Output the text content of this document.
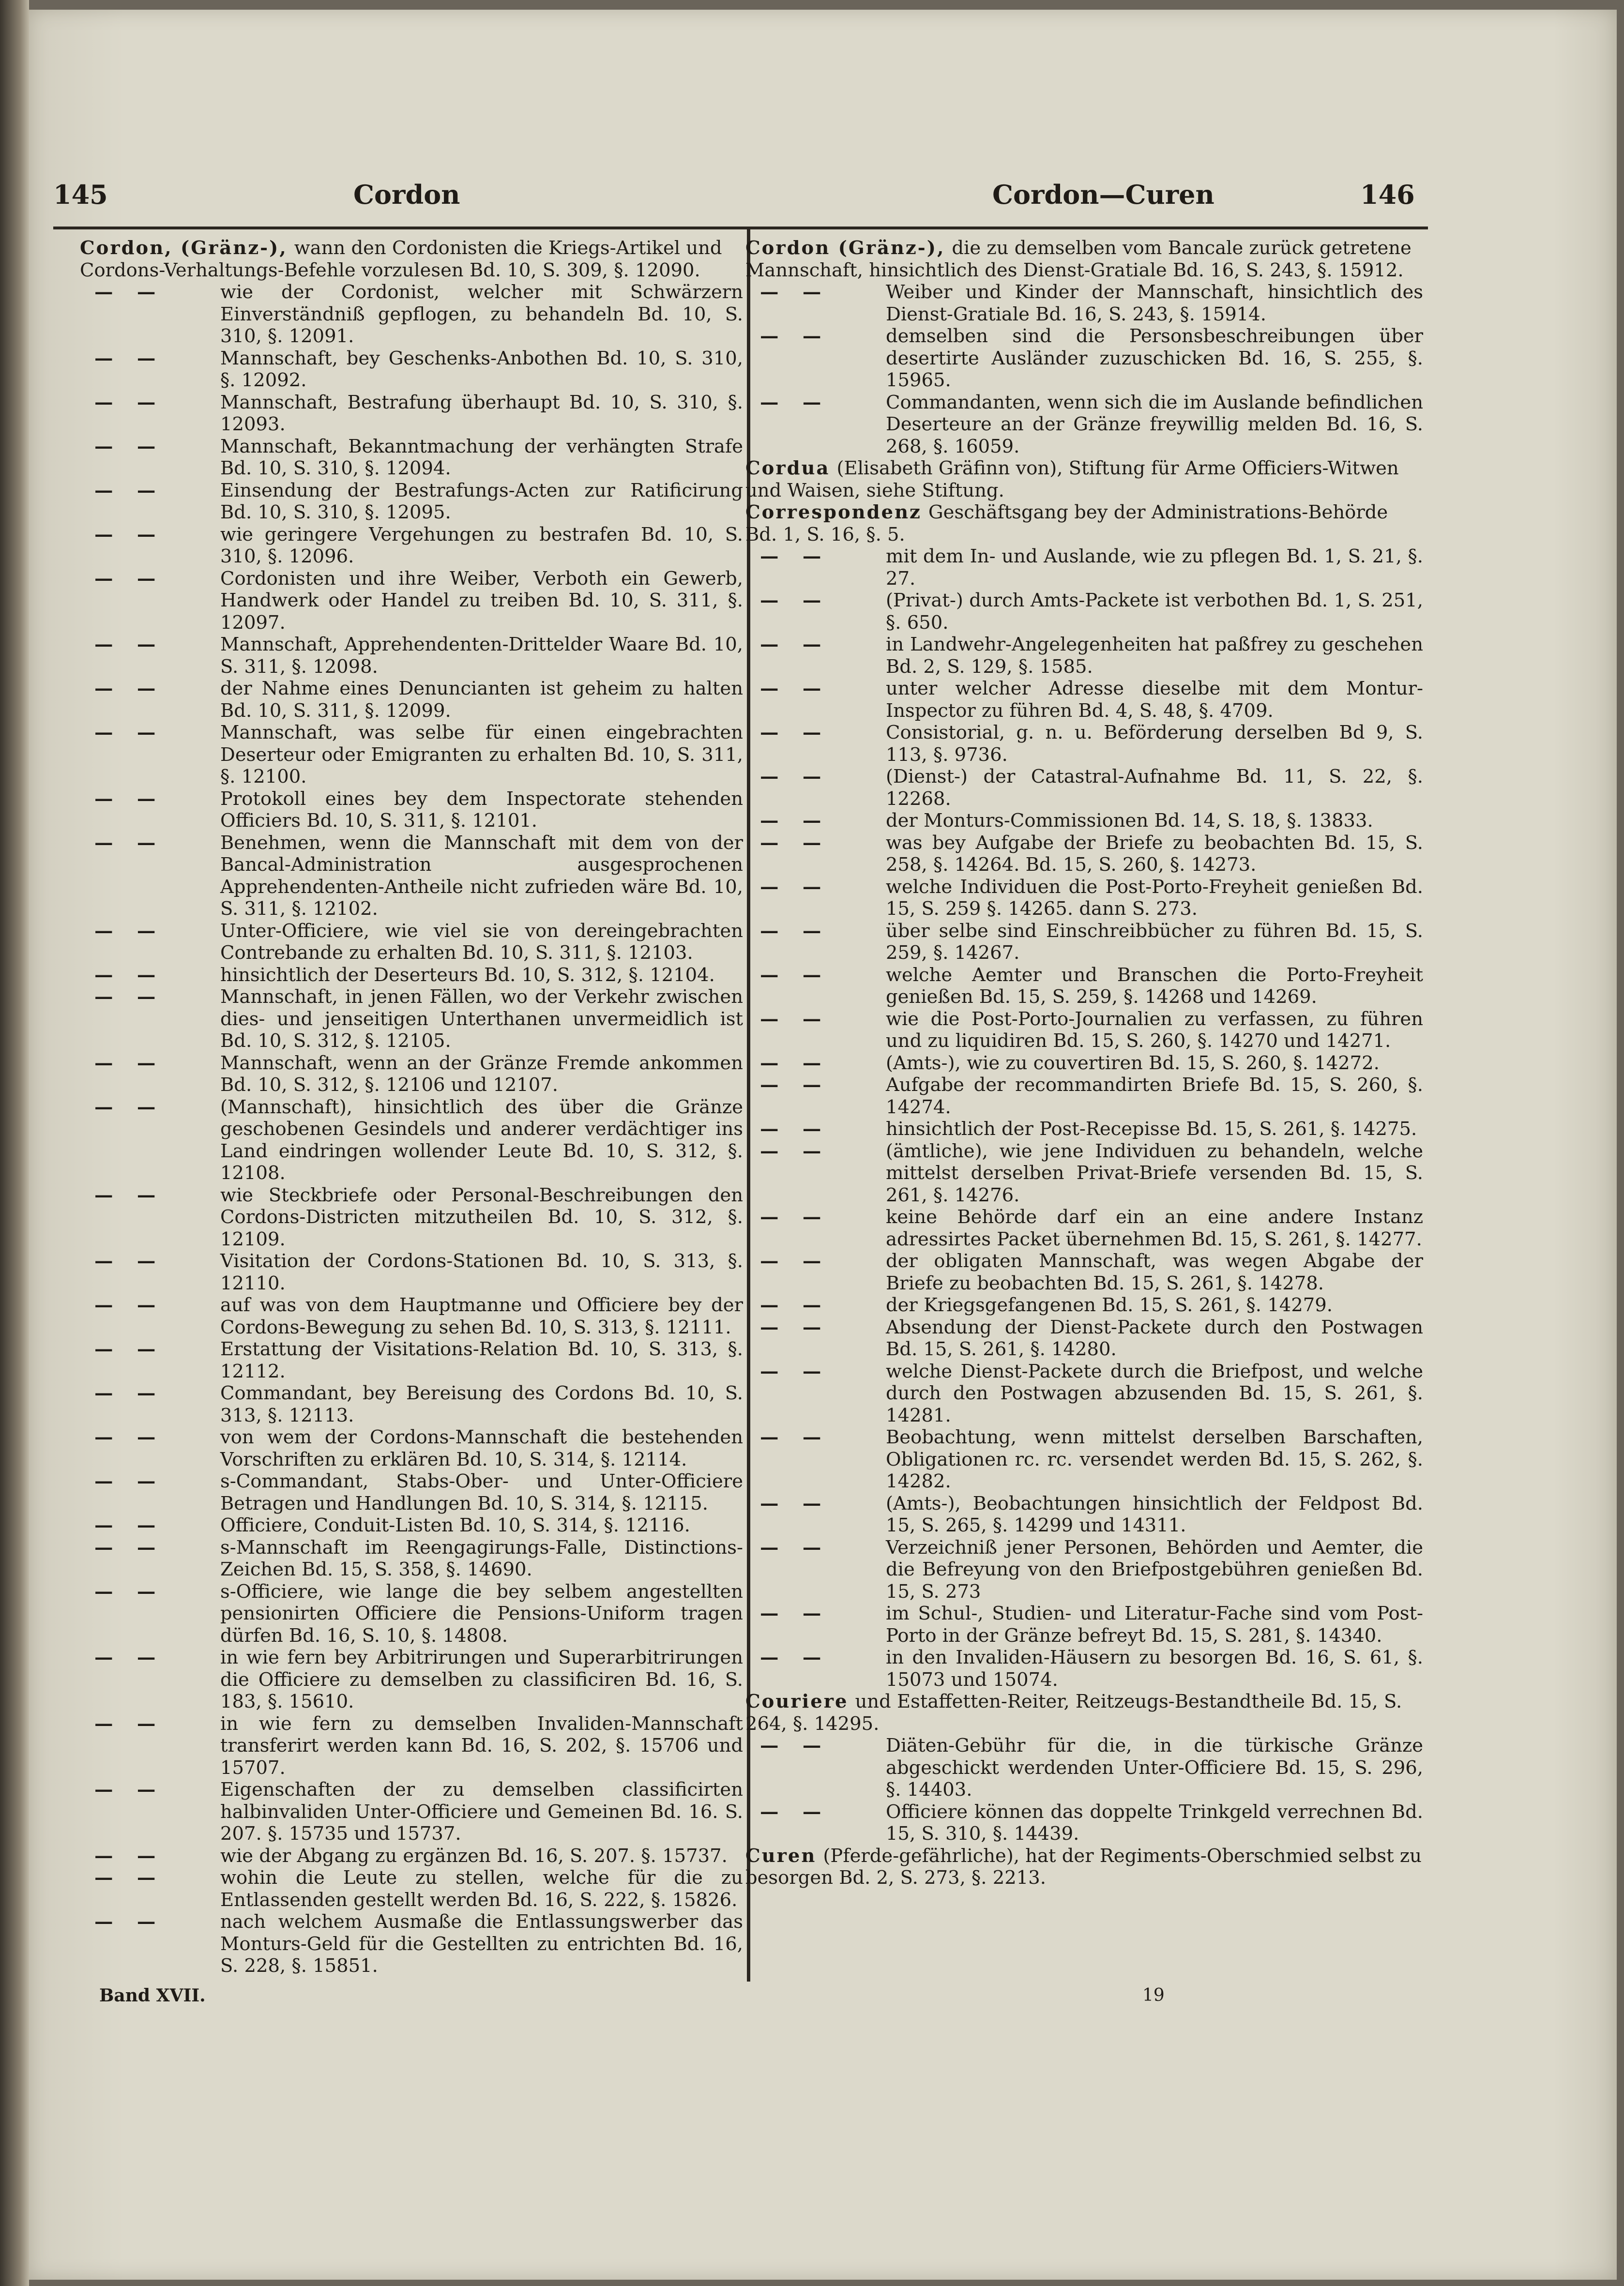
145	Cordon	Cordon—Curen	146
Cordon, (Gränz-), wann den Cordonisten die Kriegs-Artikel und Cordons-Verhaltungs-Befehle vorzulesen Bd. 10, S. 309, §. 12090.
— —	wie der Cordonist, welcher mit Schwärzern Einverständniß gepflogen, zu behandeln Bd. 10, S. 310, §. 12091.
— —	Mannschaft, bey Geschenks-Anbothen Bd. 10, S. 310, §. 12092.
— —	Mannschaft, Bestrafung überhaupt Bd. 10, S. 310, §. 12093.
— —	Mannschaft, Bekanntmachung der verhängten Strafe Bd. 10, S. 310, §. 12094.
— —	Einsendung der Bestrafungs-Acten zur Ratificirung Bd. 10, S. 310, §. 12095.
— —	wie geringere Vergehungen zu bestrafen Bd. 10, S. 310, §. 12096.
— —	Cordonisten und ihre Weiber, Verboth ein Gewerb, Handwerk oder Handel zu treiben Bd. 10, S. 311, §. 12097.
— —	Mannschaft, Apprehendenten-Drittelder Waare Bd. 10, S. 311, §. 12098.
— —	der Nahme eines Denuncianten ist geheim zu halten Bd. 10, S. 311, §. 12099.
— —	Mannschaft, was selbe für einen eingebrachten Deserteur oder Emigranten zu erhalten Bd. 10, S. 311, §. 12100.
— —	Protokoll eines bey dem Inspectorate stehenden Officiers Bd. 10, S. 311, §. 12101.
— —	Benehmen, wenn die Mannschaft mit dem von der Bancal-Administration ausgesprochenen Apprehendenten-Antheile nicht zufrieden wäre Bd. 10, S. 311, §. 12102.
— —	Unter-Officiere, wie viel sie von dereingebrachten Contrebande zu erhalten Bd. 10, S. 311, §. 12103.
— —	hinsichtlich der Deserteurs Bd. 10, S. 312, §. 12104.
— —	Mannschaft, in jenen Fällen, wo der Verkehr zwischen dies- und jenseitigen Unterthanen unvermeidlich ist Bd. 10, S. 312, §. 12105.
— —	Mannschaft, wenn an der Gränze Fremde ankommen Bd. 10, S. 312, §. 12106 und 12107.
— —	(Mannschaft), hinsichtlich des über die Gränze geschobenen Gesindels und anderer verdächtiger ins Land eindringen wollender Leute Bd. 10, S. 312, §. 12108.
— —	wie Steckbriefe oder Personal-Beschreibungen den Cordons-Districten mitzutheilen Bd. 10, S. 312, §. 12109.
— —	Visitation der Cordons-Stationen Bd. 10, S. 313, §. 12110.
— —	auf was von dem Hauptmanne und Officiere bey der Cordons-Bewegung zu sehen Bd. 10, S. 313, §. 12111.
— —	Erstattung der Visitations-Relation Bd. 10, S. 313, §. 12112.
— —	Commandant, bey Bereisung des Cordons Bd. 10, S. 313, §. 12113.
— —	von wem der Cordons-Mannschaft die bestehenden Vorschriften zu erklären Bd. 10, S. 314, §. 12114.
— —	s-Commandant, Stabs-Ober- und Unter-Officiere Betragen und Handlungen Bd. 10, S. 314, §. 12115.
— —	Officiere, Conduit-Listen Bd. 10, S. 314, §. 12116.
— —	s-Mannschaft im Reengagirungs-Falle, Distinctions-Zeichen Bd. 15, S. 358, §. 14690.
— —	s-Officiere, wie lange die bey selbem angestellten pensionirten Officiere die Pensions-Uniform tragen dürfen Bd. 16, S. 10, §. 14808.
— —	in wie fern bey Arbitrirungen und Superarbitrirungen die Officiere zu demselben zu classificiren Bd. 16, S. 183, §. 15610.
— —	in wie fern zu demselben Invaliden-Mannschaft transferirt werden kann Bd. 16, S. 202, §. 15706 und 15707.
— —	Eigenschaften der zu demselben classificirten halbinvaliden Unter-Officiere und Gemeinen Bd. 16. S. 207. §. 15735 und 15737.
— —	wie der Abgang zu ergänzen Bd. 16, S. 207. §. 15737.
— —	wohin die Leute zu stellen, welche für die zu Entlassenden gestellt werden Bd. 16, S. 222, §. 15826.
— —	nach welchem Ausmaße die Entlassungswerber das Monturs-Geld für die Gestellten zu entrichten Bd. 16, S. 228, §. 15851.
Cordon (Gränz-), die zu demselben vom Bancale zurück getretene Mannschaft, hinsichtlich des Dienst-Gratiale Bd. 16, S. 243, §. 15912.
— —	Weiber und Kinder der Mannschaft, hinsichtlich des Dienst-Gratiale Bd. 16, S. 243, §. 15914.
— —	demselben sind die Personsbeschreibungen über desertirte Ausländer zuzuschicken Bd. 16, S. 255, §. 15965.
— —	Commandanten, wenn sich die im Auslande befindlichen Deserteure an der Gränze freywillig melden Bd. 16, S. 268, §. 16059.
Cordua (Elisabeth Gräfinn von), Stiftung für Arme Officiers-Witwen und Waisen, siehe Stiftung.
Correspondenz Geschäftsgang bey der Administrations-Behörde Bd. 1, S. 16, §. 5.
— —	mit dem In- und Auslande, wie zu pflegen Bd. 1, S. 21, §. 27.
— —	(Privat-) durch Amts-Packete ist verbothen Bd. 1, S. 251, §. 650.
— —	in Landwehr-Angelegenheiten hat paßfrey zu geschehen Bd. 2, S. 129, §. 1585.
— —	unter welcher Adresse dieselbe mit dem Montur-Inspector zu führen Bd. 4, S. 48, §. 4709.
— —	Consistorial, g. n. u. Beförderung derselben Bd 9, S. 113, §. 9736.
— —	(Dienst-) der Catastral-Aufnahme Bd. 11, S. 22, §. 12268.
— —	der Monturs-Commissionen Bd. 14, S. 18, §. 13833.
— —	was bey Aufgabe der Briefe zu beobachten Bd. 15, S. 258, §. 14264. Bd. 15, S. 260, §. 14273.
— —	welche Individuen die Post-Porto-Freyheit genießen Bd. 15, S. 259 §. 14265. dann S. 273.
— —	über selbe sind Einschreibbücher zu führen Bd. 15, S. 259, §. 14267.
— —	welche Aemter und Branschen die Porto-Freyheit genießen Bd. 15, S. 259, §. 14268 und 14269.
— —	wie die Post-Porto-Journalien zu verfassen, zu führen und zu liquidiren Bd. 15, S. 260, §. 14270 und 14271.
— —	(Amts-), wie zu couvertiren Bd. 15, S. 260, §. 14272.
— —	Aufgabe der recommandirten Briefe Bd. 15, S. 260, §. 14274.
— —	hinsichtlich der Post-Recepisse Bd. 15, S. 261, §. 14275.
— —	(ämtliche), wie jene Individuen zu behandeln, welche mittelst derselben Privat-Briefe versenden Bd. 15, S. 261, §. 14276.
— —	keine Behörde darf ein an eine andere Instanz adressirtes Packet übernehmen Bd. 15, S. 261, §. 14277.
— —	der obligaten Mannschaft, was wegen Abgabe der Briefe zu beobachten Bd. 15, S. 261, §. 14278.
— —	der Kriegsgefangenen Bd. 15, S. 261, §. 14279.
— —	Absendung der Dienst-Packete durch den Postwagen Bd. 15, S. 261, §. 14280.
— —	welche Dienst-Packete durch die Briefpost, und welche durch den Postwagen abzusenden Bd. 15, S. 261, §. 14281.
— —	Beobachtung, wenn mittelst derselben Barschaften, Obligationen rc. rc. versendet werden Bd. 15, S. 262, §. 14282.
— —	(Amts-), Beobachtungen hinsichtlich der Feldpost Bd. 15, S. 265, §. 14299 und 14311.
— —	Verzeichniß jener Personen, Behörden und Aemter, die die Befreyung von den Briefpostgebühren genießen Bd. 15, S. 273
— —	im Schul-, Studien- und Literatur-Fache sind vom Post-Porto in der Gränze befreyt Bd. 15, S. 281, §. 14340.
— —	in den Invaliden-Häusern zu besorgen Bd. 16, S. 61, §. 15073 und 15074.
Couriere und Estaffetten-Reiter, Reitzeugs-Bestandtheile Bd. 15, S. 264, §. 14295.
— —	Diäten-Gebühr für die, in die türkische Gränze abgeschickt werdenden Unter-Officiere Bd. 15, S. 296, §. 14403.
— —	Officiere können das doppelte Trinkgeld verrechnen Bd. 15, S. 310, §. 14439.
Curen (Pferde-gefährliche), hat der Regiments-Oberschmied selbst zu besorgen Bd. 2, S. 273, §. 2213.
Band XVII.	19
